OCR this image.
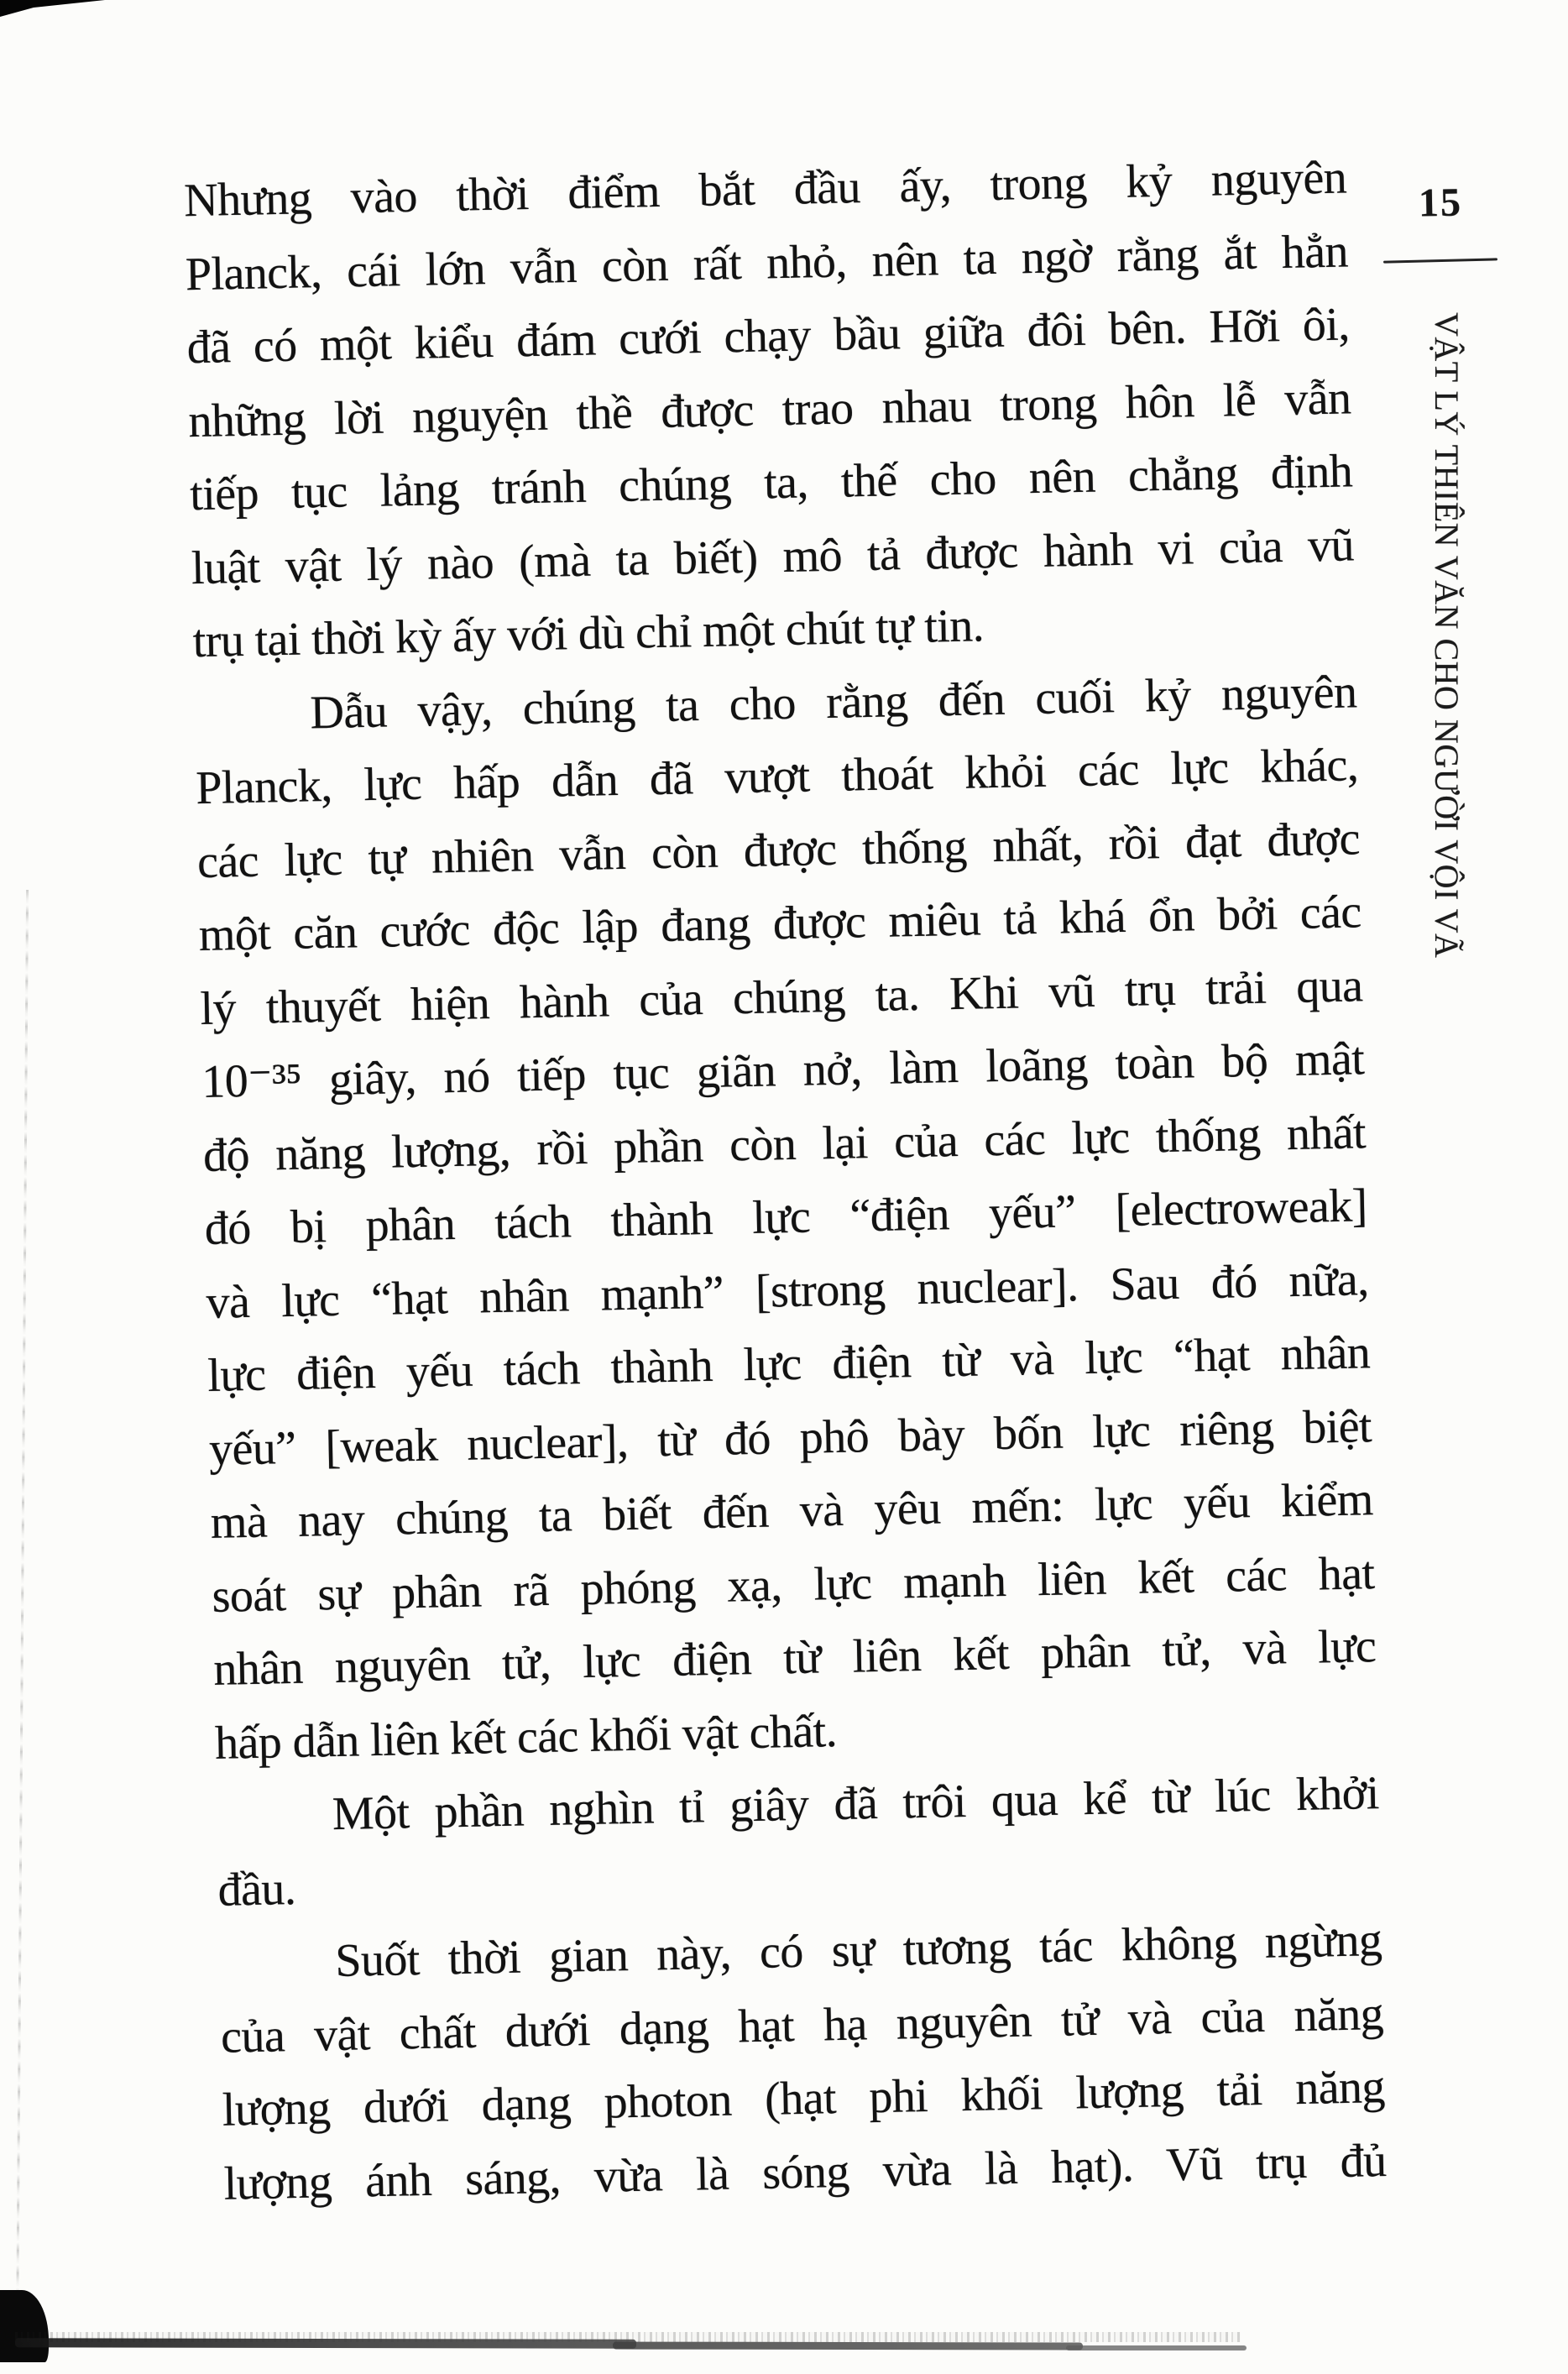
15
VẬT LÝ THIÊN VĂN CHO NGƯỜI VỘI VÃ
Nhưng vào thời điểm bắt đầu ấy, trong kỷ nguyên
Planck, cái lớn vẫn còn rất nhỏ, nên ta ngờ rằng ắt hẳn
đã có một kiểu đám cưới chạy bầu giữa đôi bên. Hỡi ôi,
những lời nguyện thề được trao nhau trong hôn lễ vẫn
tiếp tục lảng tránh chúng ta, thế cho nên chẳng định
luật vật lý nào (mà ta biết) mô tả được hành vi của vũ
trụ tại thời kỳ ấy với dù chỉ một chút tự tin.
Dẫu vậy, chúng ta cho rằng đến cuối kỷ nguyên
Planck, lực hấp dẫn đã vượt thoát khỏi các lực khác,
các lực tự nhiên vẫn còn được thống nhất, rồi đạt được
một căn cước độc lập đang được miêu tả khá ổn bởi các
lý thuyết hiện hành của chúng ta. Khi vũ trụ trải qua
10⁻³⁵ giây, nó tiếp tục giãn nở, làm loãng toàn bộ mật
độ năng lượng, rồi phần còn lại của các lực thống nhất
đó bị phân tách thành lực “điện yếu” [electroweak]
và lực “hạt nhân mạnh” [strong nuclear]. Sau đó nữa,
lực điện yếu tách thành lực điện từ và lực “hạt nhân
yếu” [weak nuclear], từ đó phô bày bốn lực riêng biệt
mà nay chúng ta biết đến và yêu mến: lực yếu kiểm
soát sự phân rã phóng xạ, lực mạnh liên kết các hạt
nhân nguyên tử, lực điện từ liên kết phân tử, và lực
hấp dẫn liên kết các khối vật chất.
Một phần nghìn tỉ giây đã trôi qua kể từ lúc khởi
đầu.
Suốt thời gian này, có sự tương tác không ngừng
của vật chất dưới dạng hạt hạ nguyên tử và của năng
lượng dưới dạng photon (hạt phi khối lượng tải năng
lượng ánh sáng, vừa là sóng vừa là hạt). Vũ trụ đủ
